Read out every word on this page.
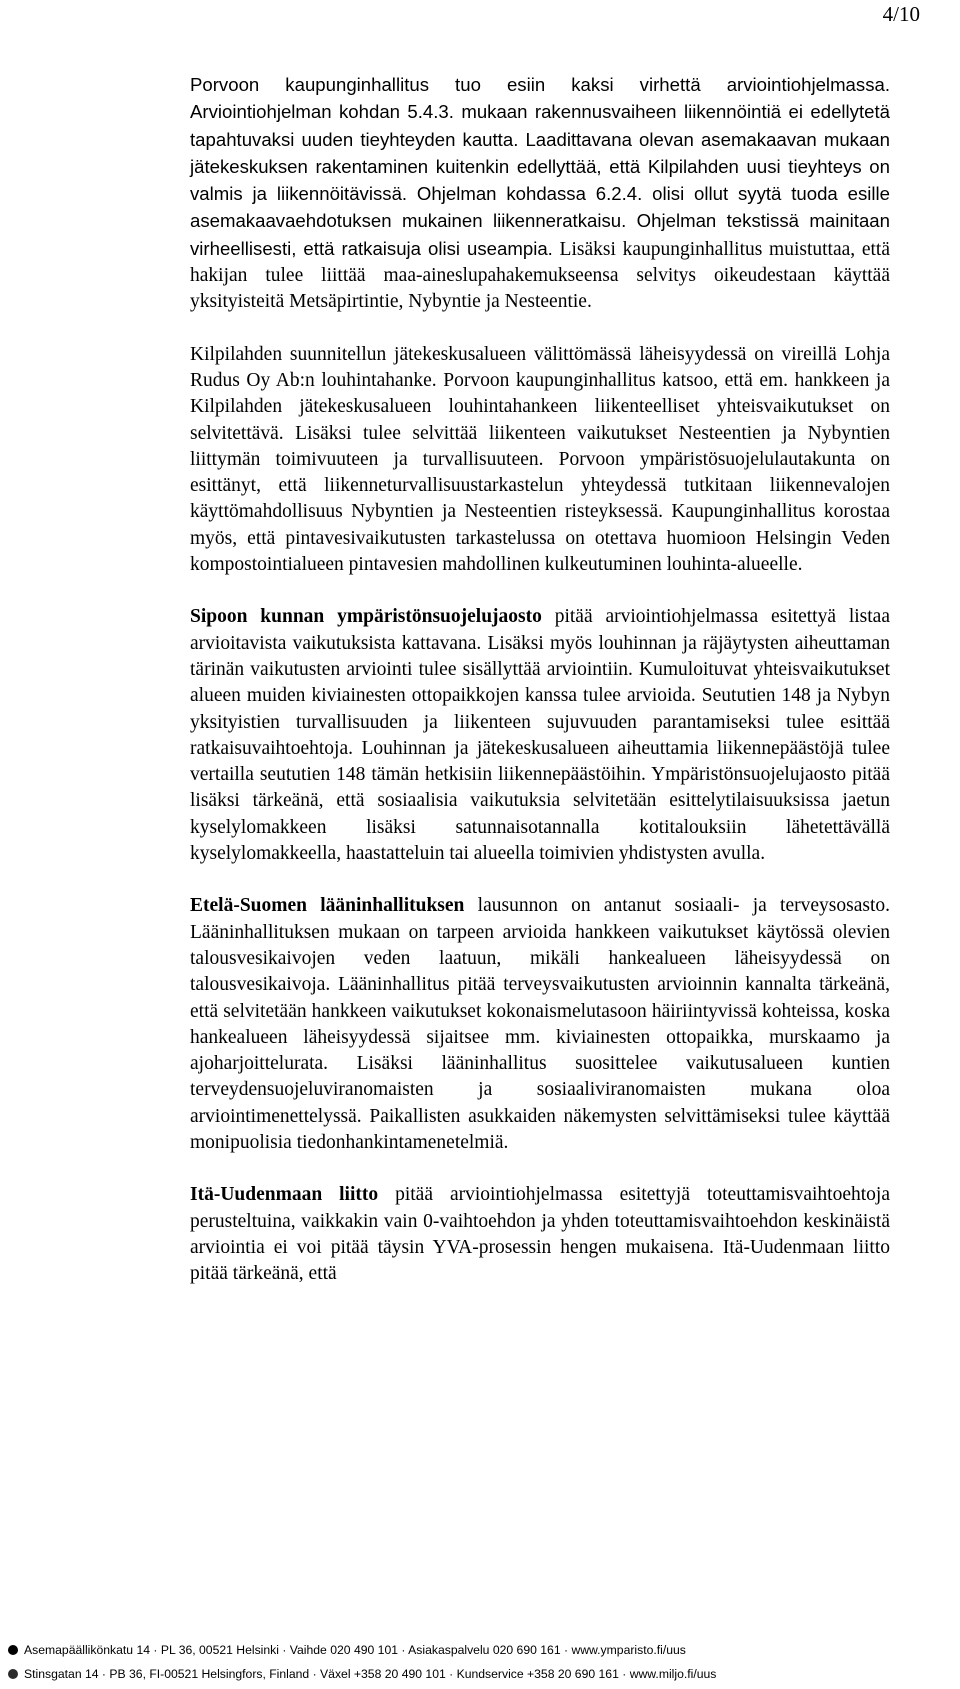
4/10

Porvoon kaupunginhallitus tuo esiin kaksi virhettä arviointiohjelmassa. Arviointiohjelman kohdan 5.4.3. mukaan rakennusvaiheen liikennöintiä ei edellytetä tapahtuvaksi uuden tieyhteyden kautta. Laadittavana olevan asemakaavan mukaan jätekeskuksen rakentaminen kuitenkin edellyttää, että Kilpilahden uusi tieyhteys on valmis ja liikennöitävissä. Ohjelman kohdassa 6.2.4. olisi ollut syytä tuoda esille asemakaavaehdotuksen mukainen liikenneratkaisu. Ohjelman tekstissä mainitaan virheellisesti, että ratkaisuja olisi useampia. Lisäksi kaupunginhallitus muistuttaa, että hakijan tulee liittää maa-aineslupahakemukseensa selvitys oikeudestaan käyttää yksityisteitä Metsäpirtintie, Nybyntie ja Nesteentie.

Kilpilahden suunnitellun jätekeskusalueen välittömässä läheisyydessä on vireillä Lohja Rudus Oy Ab:n louhintahanke. Porvoon kaupunginhallitus katsoo, että em. hankkeen ja Kilpilahden jätekeskusalueen louhintahankeen liikenteelliset yhteisvaikutukset on selvitettävä. Lisäksi tulee selvittää liikenteen vaikutukset Nesteentien ja Nybyntien liittymän toimivuuteen ja turvallisuuteen. Porvoon ympäristösuojelulautakunta on esittänyt, että liikenneturvallisuustarkastelun yhteydessä tutkitaan liikennevalojen käyttömahdollisuus Nybyntien ja Nesteentien risteyksessä. Kaupunginhallitus korostaa myös, että pintavesivaikutusten tarkastelussa on otettava huomioon Helsingin Veden kompostointialueen pintavesien mahdollinen kulkeutuminen louhinta-alueelle.

Sipoon kunnan ympäristönsuojelujaosto pitää arviointiohjelmassa esitettyä listaa arvioitavista vaikutuksista kattavana. Lisäksi myös louhinnan ja räjäytysten aiheuttaman tärinän vaikutusten arviointi tulee sisällyttää arviointiin. Kumuloituvat yhteisvaikutukset alueen muiden kiviainesten ottopaikkojen kanssa tulee arvioida. Seututien 148 ja Nybyn yksityistien turvallisuuden ja liikenteen sujuvuuden parantamiseksi tulee esittää ratkaisuvaihtoehtoja. Louhinnan ja jätekeskusalueen aiheuttamia liikennepäästöjä tulee vertailla seututien 148 tämän hetkisiin liikennepäästöihin. Ympäristönsuojelujaosto pitää lisäksi tärkeänä, että sosiaalisia vaikutuksia selvitetään esittelytilaisuuksissa jaetun kyselylomakkeen lisäksi satunnaisotannalla kotitalouksiin lähetettävällä kyselylomakkeella, haastatteluin tai alueella toimivien yhdistysten avulla.

Etelä-Suomen lääninhallituksen lausunnon on antanut sosiaali- ja terveysosasto. Lääninhallituksen mukaan on tarpeen arvioida hankkeen vaikutukset käytössä olevien talousvesikaivojen veden laatuun, mikäli hankealueen läheisyydessä on talousvesikaivoja. Lääninhallitus pitää terveysvaikutusten arvioinnin kannalta tärkeänä, että selvitetään hankkeen vaikutukset kokonaismelutasoon häiriintyvissä kohteissa, koska hankealueen läheisyydessä sijaitsee mm. kiviainesten ottopaikka, murskaamo ja ajoharjoittelurata. Lisäksi lääninhallitus suosittelee vaikutusalueen kuntien terveydensuojeluviranomaisten ja sosiaaliviranomaisten mukana oloa arviointimenettelyssä. Paikallisten asukkaiden näkemysten selvittämiseksi tulee käyttää monipuolisia tiedonhankintamenetelmiä.

Itä-Uudenmaan liitto pitää arviointiohjelmassa esitettyjä toteuttamisvaihtoehtoja perusteltuina, vaikkakin vain 0-vaihtoehdon ja yhden toteuttamisvaihtoehdon keskinäistä arviointia ei voi pitää täysin YVA-prosessin hengen mukaisena. Itä-Uudenmaan liitto pitää tärkeänä, että

Asemapäällikönkatu 14 · PL 36, 00521 Helsinki · Vaihde 020 490 101 · Asiakaspalvelu 020 690 161 · www.ymparisto.fi/uus
Stinsgatan 14 · PB 36, FI-00521 Helsingfors, Finland · Växel +358 20 490 101 · Kundservice +358 20 690 161 · www.miljo.fi/uus
